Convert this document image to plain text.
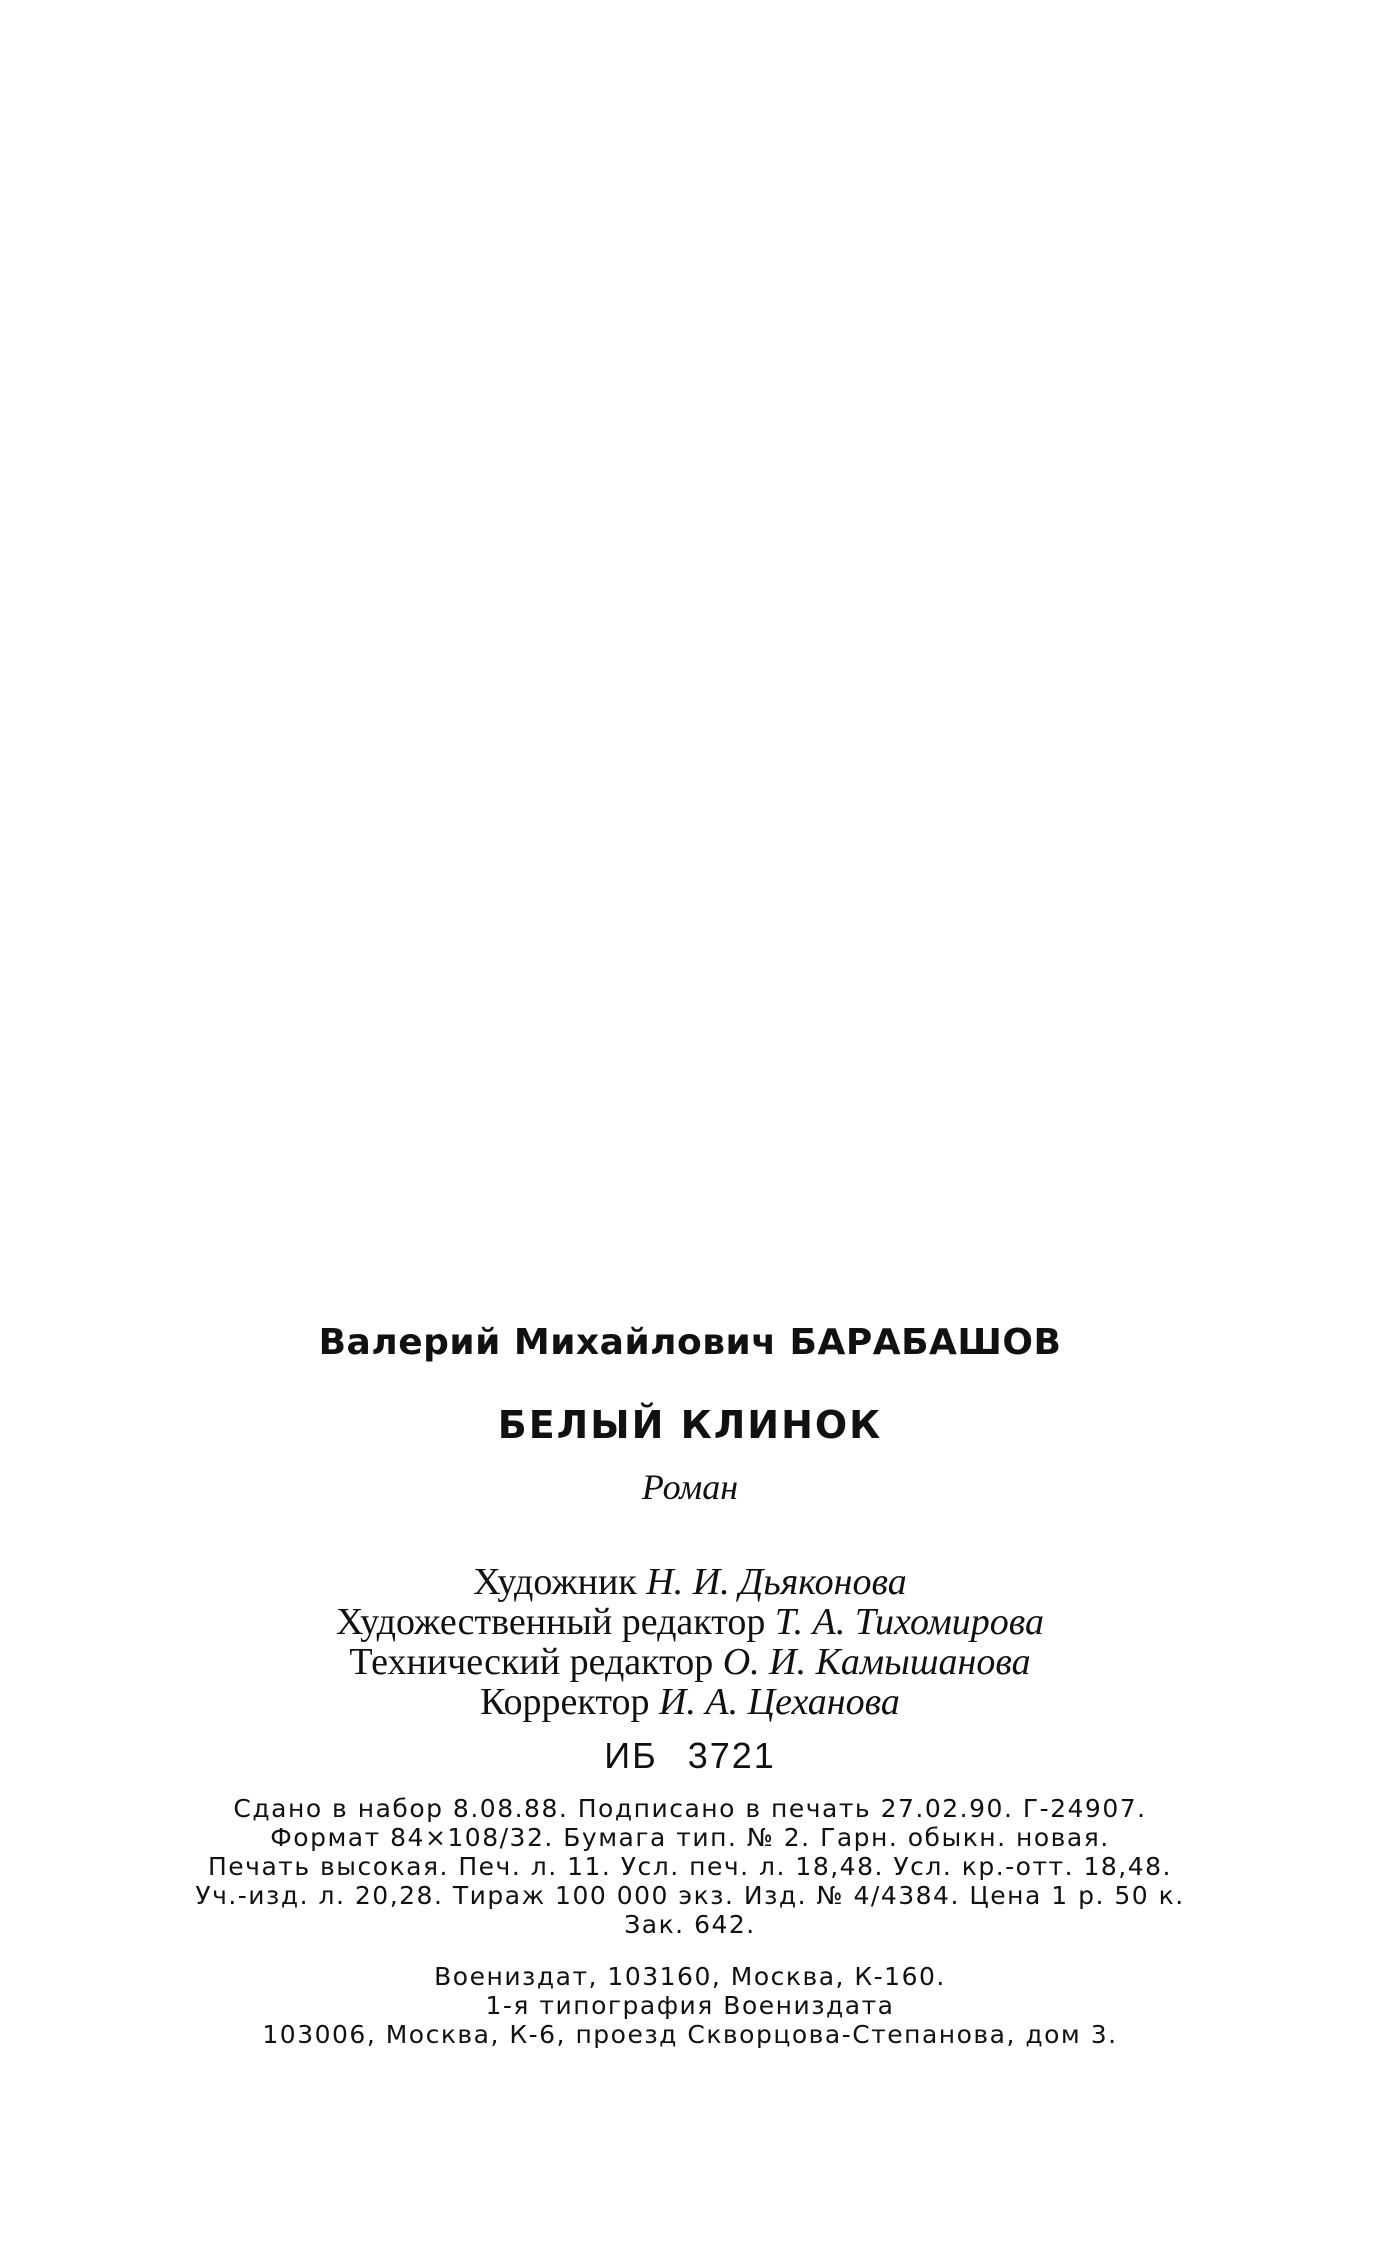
Валерий Михайлович БАРАБАШОВ
БЕЛЫЙ КЛИНОК
Роман
Художник Н. И. Дьяконова
Художественный редактор Т. А. Тихомирова
Технический редактор О. И. Камышанова
Корректор И. А. Цеханова
ИБ 3721
Сдано в набор 8.08.88. Подписано в печать 27.02.90. Г-24907.
Формат 84×108/32. Бумага тип. № 2. Гарн. обыкн. новая.
Печать высокая. Печ. л. 11. Усл. печ. л. 18,48. Усл. кр.-отт. 18,48.
Уч.-изд. л. 20,28. Тираж 100 000 экз. Изд. № 4/4384. Цена 1 р. 50 к.
Зак. 642.
Воениздат, 103160, Москва, К-160.
1-я типография Воениздата
103006, Москва, К-6, проезд Скворцова-Степанова, дом 3.
